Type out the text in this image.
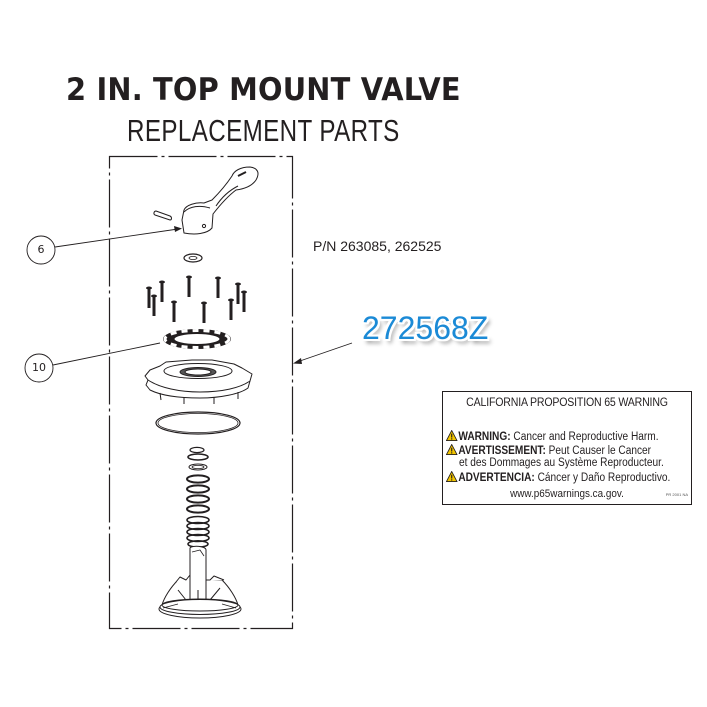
2 IN. TOP MOUNT VALVE
REPLACEMENT PARTS
6
10
P/N 263085, 262525
272568Z
CALIFORNIA PROPOSITION 65 WARNING
WARNING: Cancer and Reproductive Harm.
AVERTISSEMENT: Peut Causer le Cancer
et des Dommages au Système Reproducteur.
ADVERTENCIA: Cáncer y Daño Reproductivo.
www.p65warnings.ca.gov.	PR 2001 NA
